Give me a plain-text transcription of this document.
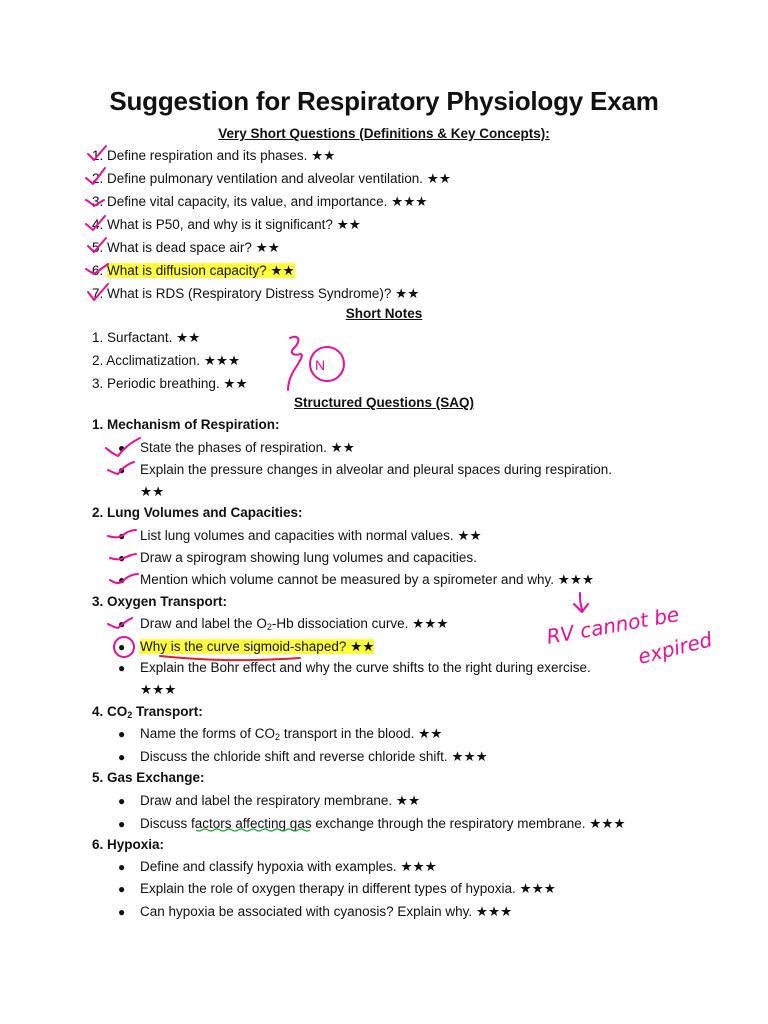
Suggestion for Respiratory Physiology Exam
Very Short Questions (Definitions & Key Concepts):
1. Define respiration and its phases. ★★
2. Define pulmonary ventilation and alveolar ventilation. ★★
3. Define vital capacity, its value, and importance. ★★★
4. What is P50, and why is it significant? ★★
5. What is dead space air? ★★
6. What is diffusion capacity? ★★
7. What is RDS (Respiratory Distress Syndrome)? ★★
Short Notes
1. Surfactant. ★★
2. Acclimatization. ★★★
3. Periodic breathing. ★★
Structured Questions (SAQ)
1. Mechanism of Respiration:
● State the phases of respiration. ★★
● Explain the pressure changes in alveolar and pleural spaces during respiration.
★★
2. Lung Volumes and Capacities:
● List lung volumes and capacities with normal values. ★★
● Draw a spirogram showing lung volumes and capacities.
● Mention which volume cannot be measured by a spirometer and why. ★★★
3. Oxygen Transport:
● Draw and label the $O_2-Hb$ dissociation curve. ★★★
● Why is the curve sigmoid-shaped? ★★
● Explain the Bohr effect and why the curve shifts to the right during exercise.
★★★
4. $CO_2$ Transport:
● Name the forms of $CO_2$ transport in the blood. ★★
● Discuss the chloride shift and reverse chloride shift. ★★★
5. Gas Exchange:
● Draw and label the respiratory membrane. ★★
● Discuss factors affecting gas exchange through the respiratory membrane. ★★★
6. Hypoxia:
● Define and classify hypoxia with examples. ★★★
● Explain the role of oxygen therapy in different types of hypoxia. ★★★
● Can hypoxia be associated with cyanosis? Explain why. ★★★
N
RV cannot be
expired
